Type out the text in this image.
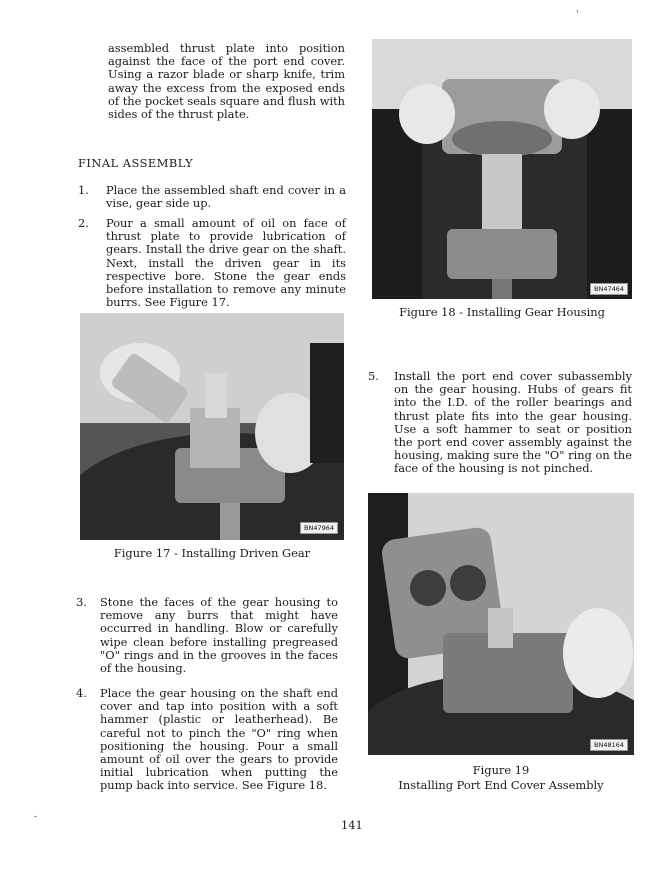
assembled thrust plate into position against the face of the port end cover. Using a razor blade or sharp knife, trim away the excess from the exposed ends of the pocket seals square and flush with sides of the thrust plate.
FINAL ASSEMBLY
1. Place the assembled shaft end cover in a vise, gear side up.
2. Pour a small amount of oil on face of thrust plate to provide lubrication of gears. Install the drive gear on the shaft. Next, install the driven gear in its respective bore. Stone the gear ends before installation to remove any minute burrs. See Figure 17.
BN47964
Figure 17 - Installing Driven Gear
3. Stone the faces of the gear housing to remove any burrs that might have occurred in handling. Blow or carefully wipe clean before installing pregreased "O" rings and in the grooves in the faces of the housing.
4. Place the gear housing on the shaft end cover and tap into position with a soft hammer (plastic or leatherhead). Be careful not to pinch the "O" ring when positioning the housing. Pour a small amount of oil over the gears to provide initial lubrication when putting the pump back into service. See Figure 18.
BN47464
Figure 18 - Installing Gear Housing
5. Install the port end cover subassembly on the gear housing. Hubs of gears fit into the I.D. of the roller bearings and thrust plate fits into the gear housing. Use a soft hammer to seat or position the port end cover assembly against the housing, making sure the "O" ring on the face of the housing is not pinched.
BN48164
Figure 19
Installing Port End Cover Assembly
141
'
-
